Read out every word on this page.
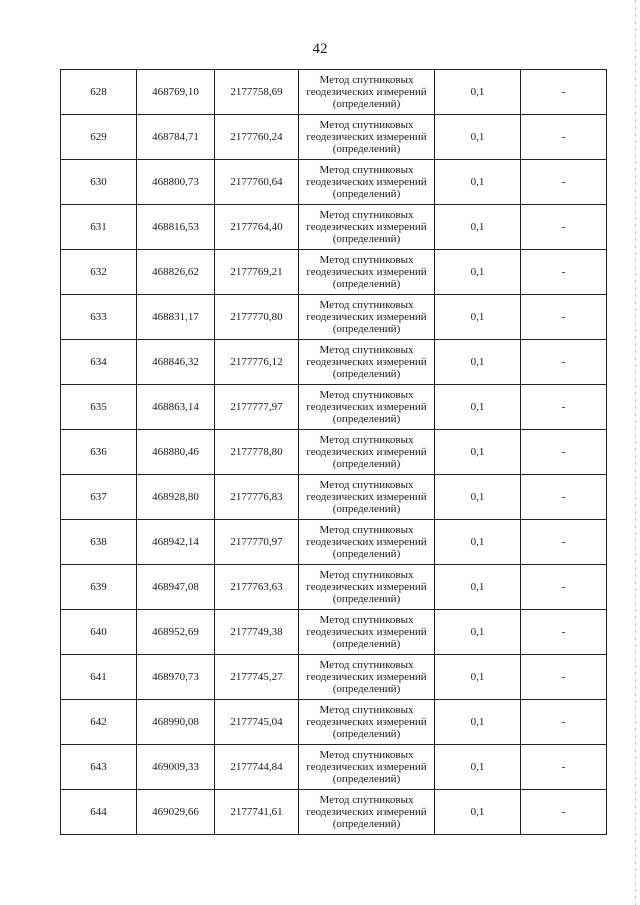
42
628	468769,10	2177758,69	Метод спутниковых геодезических измерений (определений)	0,1	-
629	468784,71	2177760,24	Метод спутниковых геодезических измерений (определений)	0,1	-
630	468800,73	2177760,64	Метод спутниковых геодезических измерений (определений)	0,1	-
631	468816,53	2177764,40	Метод спутниковых геодезических измерений (определений)	0,1	-
632	468826,62	2177769,21	Метод спутниковых геодезических измерений (определений)	0,1	-
633	468831,17	2177770,80	Метод спутниковых геодезических измерений (определений)	0,1	-
634	468846,32	2177776,12	Метод спутниковых геодезических измерений (определений)	0,1	-
635	468863,14	2177777,97	Метод спутниковых геодезических измерений (определений)	0,1	-
636	468880,46	2177778,80	Метод спутниковых геодезических измерений (определений)	0,1	-
637	468928,80	2177776,83	Метод спутниковых геодезических измерений (определений)	0,1	-
638	468942,14	2177770,97	Метод спутниковых геодезических измерений (определений)	0,1	-
639	468947,08	2177763,63	Метод спутниковых геодезических измерений (определений)	0,1	-
640	468952,69	2177749,38	Метод спутниковых геодезических измерений (определений)	0,1	-
641	468970,73	2177745,27	Метод спутниковых геодезических измерений (определений)	0,1	-
642	468990,08	2177745,04	Метод спутниковых геодезических измерений (определений)	0,1	-
643	469009,33	2177744,84	Метод спутниковых геодезических измерений (определений)	0,1	-
644	469029,66	2177741,61	Метод спутниковых геодезических измерений (определений)	0,1	-
